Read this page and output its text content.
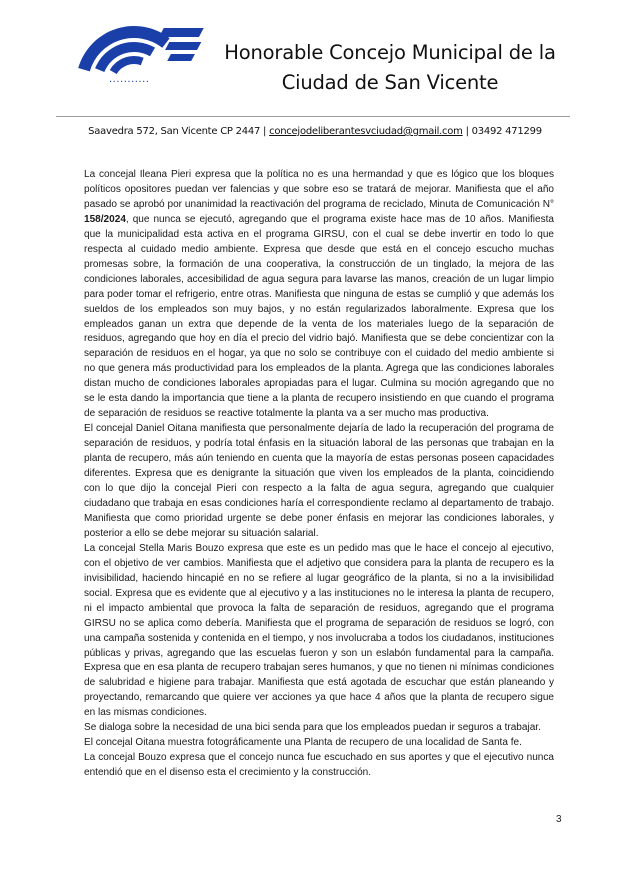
...........
Honorable Concejo Municipal de la
Ciudad de San Vicente
Saavedra 572, San Vicente CP 2447 | concejodeliberantesvciudad@gmail.com | 03492 471299

La concejal Ileana Pieri expresa que la política no es una hermandad y que es lógico que los bloques políticos opositores puedan ver falencias y que sobre eso se tratará de mejorar. Manifiesta que el año pasado se aprobó por unanimidad la reactivación del programa de reciclado, Minuta de Comunicación N° 158/2024, que nunca se ejecutó, agregando que el programa existe hace mas de 10 años. Manifiesta que la municipalidad esta activa en el programa GIRSU, con el cual se debe invertir en todo lo que respecta al cuidado medio ambiente. Expresa que desde que está en el concejo escucho muchas promesas sobre, la formación de una cooperativa, la construcción de un tinglado, la mejora de las condiciones laborales, accesibilidad de agua segura para lavarse las manos, creación de un lugar limpio para poder tomar el refrigerio, entre otras. Manifiesta que ninguna de estas se cumplió y que además los sueldos de los empleados son muy bajos, y no están regularizados laboralmente. Expresa que los empleados ganan un extra que depende de la venta de los materiales luego de la separación de residuos, agregando que hoy en día el precio del vidrio bajó. Manifiesta que se debe concientizar con la separación de residuos en el hogar, ya que no solo se contribuye con el cuidado del medio ambiente si no que genera más productividad para los empleados de la planta. Agrega que las condiciones laborales distan mucho de condiciones laborales apropiadas para el lugar. Culmina su moción agregando que no se le esta dando la importancia que tiene a la planta de recupero insistiendo en que cuando el programa de separación de residuos se reactive totalmente la planta va a ser mucho mas productiva.

El concejal Daniel Oitana manifiesta que personalmente dejaría de lado la recuperación del programa de separación de residuos, y podría total énfasis en la situación laboral de las personas que trabajan en la planta de recupero, más aún teniendo en cuenta que la mayoría de estas personas poseen capacidades diferentes. Expresa que es denigrante la situación que viven los empleados de la planta, coincidiendo con lo que dijo la concejal Pieri con respecto a la falta de agua segura, agregando que cualquier ciudadano que trabaja en esas condiciones haría el correspondiente reclamo al departamento de trabajo. Manifiesta que como prioridad urgente se debe poner énfasis en mejorar las condiciones laborales, y posterior a ello se debe mejorar su situación salarial.

La concejal Stella Maris Bouzo expresa que este es un pedido mas que le hace el concejo al ejecutivo, con el objetivo de ver cambios. Manifiesta que el adjetivo que considera para la planta de recupero es la invisibilidad, haciendo hincapié en no se refiere al lugar geográfico de la planta, si no a la invisibilidad social. Expresa que es evidente que al ejecutivo y a las instituciones no le interesa la planta de recupero, ni el impacto ambiental que provoca la falta de separación de residuos, agregando que el programa GIRSU no se aplica como debería. Manifiesta que el programa de separación de residuos se logró, con una campaña sostenida y contenida en el tiempo, y nos involucraba a todos los ciudadanos, instituciones públicas y privas, agregando que las escuelas fueron y son un eslabón fundamental para la campaña. Expresa que en esa planta de recupero trabajan seres humanos, y que no tienen ni mínimas condiciones de salubridad e higiene para trabajar. Manifiesta que está agotada de escuchar que están planeando y proyectando, remarcando que quiere ver acciones ya que hace 4 años que la planta de recupero sigue en las mismas condiciones.

Se dialoga sobre la necesidad de una bici senda para que los empleados puedan ir seguros a trabajar.

El concejal Oitana muestra fotográficamente una Planta de recupero de una localidad de Santa fe.

La concejal Bouzo expresa que el concejo nunca fue escuchado en sus aportes y que el ejecutivo nunca entendió que en el disenso esta el crecimiento y la construcción.

3
